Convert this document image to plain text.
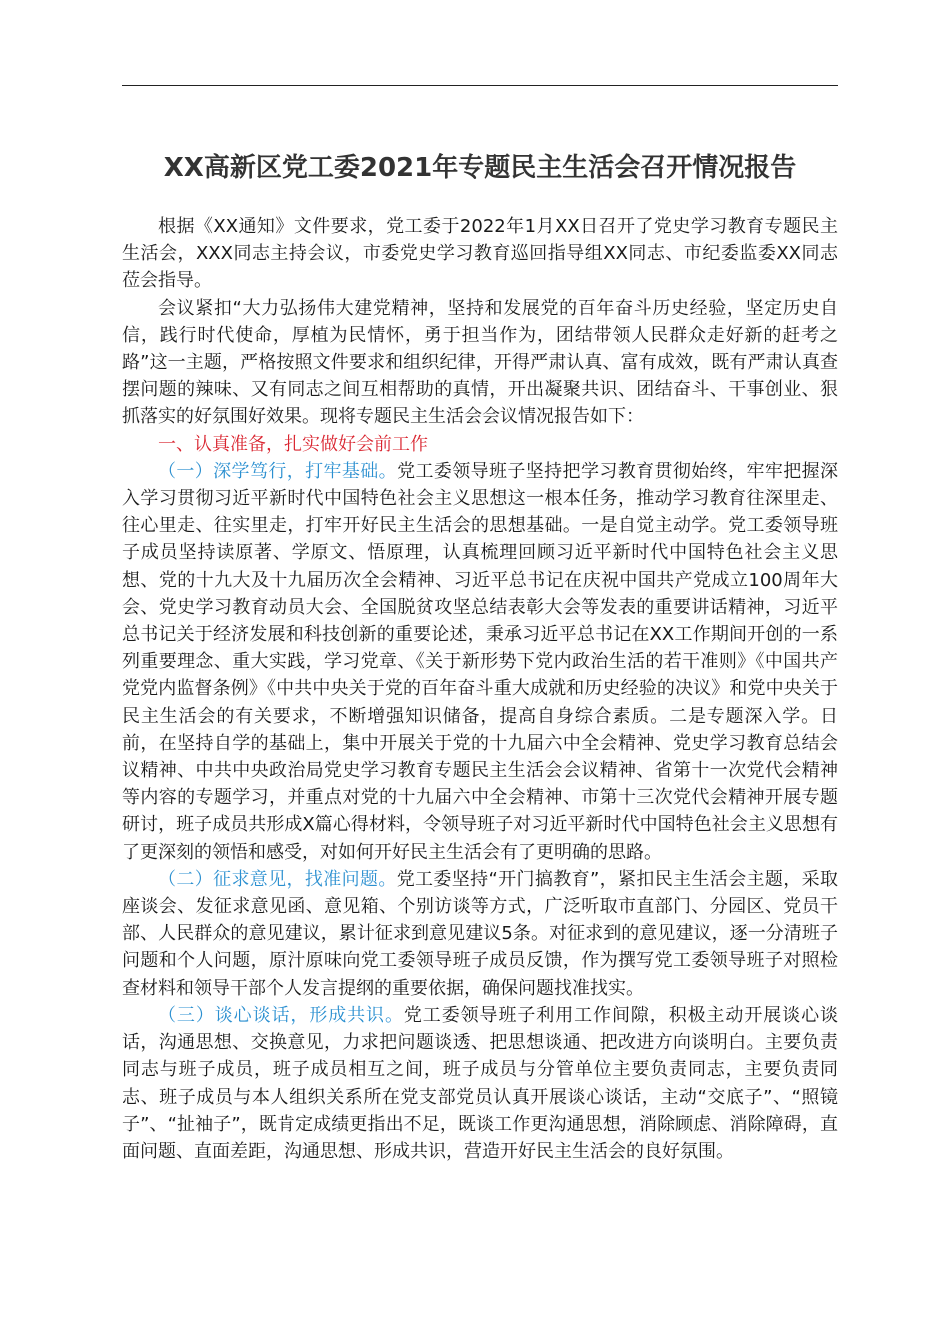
XX高新区党工委2021年专题民主生活会召开情况报告

根据《XX通知》文件要求，党工委于2022年1月XX日召开了党史学习教育专题民主生活会，XXX同志主持会议，市委党史学习教育巡回指导组XX同志、市纪委监委XX同志莅会指导。

会议紧扣“大力弘扬伟大建党精神，坚持和发展党的百年奋斗历史经验，坚定历史自信，践行时代使命，厚植为民情怀，勇于担当作为，团结带领人民群众走好新的赶考之路”这一主题，严格按照文件要求和组织纪律，开得严肃认真、富有成效，既有严肃认真查摆问题的辣味、又有同志之间互相帮助的真情，开出凝聚共识、团结奋斗、干事创业、狠抓落实的好氛围好效果。现将专题民主生活会会议情况报告如下：

一、认真准备，扎实做好会前工作

（一）深学笃行，打牢基础。党工委领导班子坚持把学习教育贯彻始终，牢牢把握深入学习贯彻习近平新时代中国特色社会主义思想这一根本任务，推动学习教育往深里走、往心里走、往实里走，打牢开好民主生活会的思想基础。一是自觉主动学。党工委领导班子成员坚持读原著、学原文、悟原理，认真梳理回顾习近平新时代中国特色社会主义思想、党的十九大及十九届历次全会精神、习近平总书记在庆祝中国共产党成立100周年大会、党史学习教育动员大会、全国脱贫攻坚总结表彰大会等发表的重要讲话精神，习近平总书记关于经济发展和科技创新的重要论述，秉承习近平总书记在XX工作期间开创的一系列重要理念、重大实践，学习党章、《关于新形势下党内政治生活的若干准则》《中国共产党党内监督条例》《中共中央关于党的百年奋斗重大成就和历史经验的决议》和党中央关于民主生活会的有关要求，不断增强知识储备，提高自身综合素质。二是专题深入学。日前，在坚持自学的基础上，集中开展关于党的十九届六中全会精神、党史学习教育总结会议精神、中共中央政治局党史学习教育专题民主生活会会议精神、省第十一次党代会精神等内容的专题学习，并重点对党的十九届六中全会精神、市第十三次党代会精神开展专题研讨，班子成员共形成X篇心得材料，令领导班子对习近平新时代中国特色社会主义思想有了更深刻的领悟和感受，对如何开好民主生活会有了更明确的思路。

（二）征求意见，找准问题。党工委坚持“开门搞教育”，紧扣民主生活会主题，采取座谈会、发征求意见函、意见箱、个别访谈等方式，广泛听取市直部门、分园区、党员干部、人民群众的意见建议，累计征求到意见建议5条。对征求到的意见建议，逐一分清班子问题和个人问题，原汁原味向党工委领导班子成员反馈，作为撰写党工委领导班子对照检查材料和领导干部个人发言提纲的重要依据，确保问题找准找实。

（三）谈心谈话，形成共识。党工委领导班子利用工作间隙，积极主动开展谈心谈话，沟通思想、交换意见，力求把问题谈透、把思想谈通、把改进方向谈明白。主要负责同志与班子成员，班子成员相互之间，班子成员与分管单位主要负责同志，主要负责同志、班子成员与本人组织关系所在党支部党员认真开展谈心谈话，主动“交底子”、“照镜子”、“扯袖子”，既肯定成绩更指出不足，既谈工作更沟通思想，消除顾虑、消除障碍，直面问题、直面差距，沟通思想、形成共识，营造开好民主生活会的良好氛围。
